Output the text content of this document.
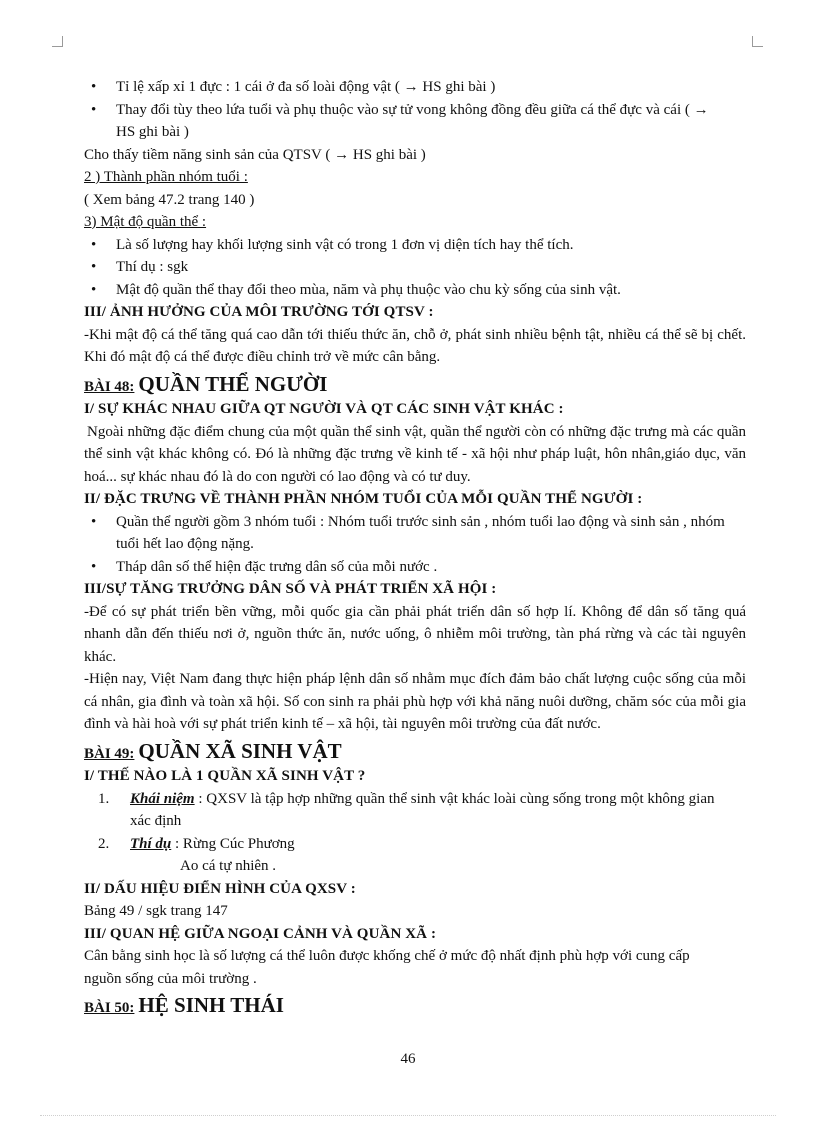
• Tỉ lệ xấp xỉ 1 đực : 1 cái ở đa số loài động vật ( → HS ghi bài )
• Thay đổi tùy theo lứa tuổi và phụ thuộc vào sự tử vong không đồng đều giữa cá thể đực và cái ( → HS ghi bài )

Cho thấy tiềm năng sinh sản của QTSV ( → HS ghi bài )

2 ) Thành phần nhóm tuổi :

( Xem bảng 47.2 trang 140 )

3) Mật độ quần thể :

• Là số lượng hay khối lượng sinh vật có trong 1 đơn vị diện tích hay thể tích.
• Thí dụ : sgk
• Mật độ quần thể thay đổi theo mùa, năm và phụ thuộc vào chu kỳ sống của sinh vật.

III/ ẢNH HƯỞNG CỦA MÔI TRƯỜNG TỚI QTSV :

-Khi mật độ cá thể tăng quá cao dẫn tới thiếu thức ăn, chỗ ở, phát sinh nhiều bệnh tật, nhiều cá thể sẽ bị chết. Khi đó mật độ cá thể được điều chỉnh trở về mức cân bằng.

BÀI 48: QUẦN THỂ NGƯỜI

I/ SỰ KHÁC NHAU GIỮA QT NGƯỜI VÀ QT CÁC SINH VẬT KHÁC :

Ngoài những đặc điểm chung của một quần thể sinh vật, quần thể người còn có những đặc trưng mà các quần thể sinh vật khác không có. Đó là những đặc trưng về kinh tế - xã hội như pháp luật, hôn nhân,giáo dục, văn hoá... sự khác nhau đó là do con người có lao động và có tư duy.

II/ ĐẶC TRƯNG VỀ THÀNH PHẦN NHÓM TUỔI CỦA MỖI QUẦN THỂ NGƯỜI :

• Quần thể người gồm 3 nhóm tuổi : Nhóm tuổi trước sinh sản , nhóm tuổi lao động và sinh sản , nhóm tuổi hết lao động nặng.
• Tháp dân số thể hiện đặc trưng dân số của mỗi nước .

III/SỰ TĂNG TRƯỞNG DÂN SỐ VÀ PHÁT TRIỂN XÃ HỘI :

-Để có sự phát triển bền vững, mỗi quốc gia cần phải phát triển dân số hợp lí. Không để dân số tăng quá nhanh dẫn đến thiếu nơi ở, nguồn thức ăn, nước uống, ô nhiễm môi trường, tàn phá rừng và các tài nguyên khác.

-Hiện nay, Việt Nam đang thực hiện pháp lệnh dân số nhằm mục đích đảm bảo chất lượng cuộc sống của mỗi cá nhân, gia đình và toàn xã hội. Số con sinh ra phải phù hợp với khả năng nuôi dưỡng, chăm sóc của mỗi gia đình và hài hoà với sự phát triển kinh tế – xã hội, tài nguyên môi trường của đất nước.

BÀI 49: QUẦN XÃ SINH VẬT

I/ THẾ NÀO LÀ 1 QUẦN XÃ SINH VẬT ?

1. Khái niệm : QXSV là tập hợp những quần thể sinh vật khác loài cùng sống trong một không gian xác định
2. Thí dụ : Rừng Cúc Phương

Ao cá tự nhiên .

II/ DẤU HIỆU ĐIỂN HÌNH CỦA QXSV :

Bảng 49 / sgk trang 147

III/ QUAN HỆ GIỮA NGOẠI CẢNH VÀ QUẦN XÃ :

Cân bằng sinh học là số lượng cá thể luôn được khống chế ở mức độ nhất định phù hợp với cung cấp nguồn sống của môi trường .

BÀI 50: HỆ SINH THÁI
46
